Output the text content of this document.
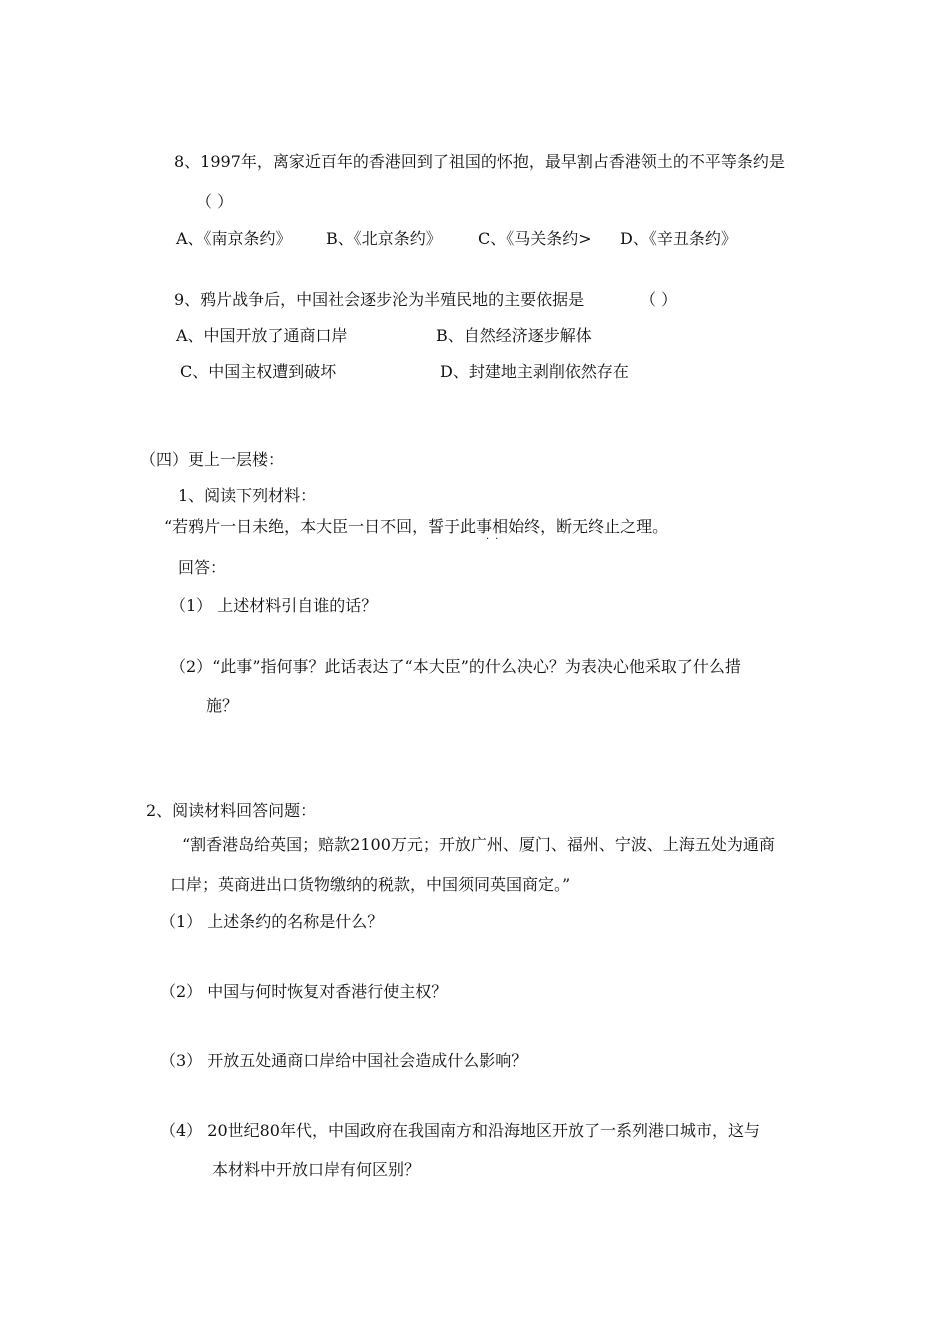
8、1997年，离家近百年的香港回到了祖国的怀抱，最早割占香港领土的不平等条约是
（ ）
A、《南京条约》 B、《北京条约》 C、《马关条约> D、《辛丑条约》
9、鸦片战争后，中国社会逐步沦为半殖民地的主要依据是	（ ）
A、中国开放了通商口岸	B、自然经济逐步解体
C、中国主权遭到破坏	D、封建地主剥削依然存在
（四）更上一层楼：
1、阅读下列材料：
“若鸦片一日未绝，本大臣一日不回，誓于此事相始终，断无终止之理。
··
回答：
（1） 上述材料引自谁的话？
（2）“此事”指何事？此话表达了“本大臣”的什么决心？为表决心他采取了什么措
施？
2、阅读材料回答问题：
“割香港岛给英国；赔款2100万元；开放广州、厦门、福州、宁波、上海五处为通商
口岸；英商进出口货物缴纳的税款，中国须同英国商定。”
（1） 上述条约的名称是什么？
（2） 中国与何时恢复对香港行使主权？
（3） 开放五处通商口岸给中国社会造成什么影响？
（4） 20世纪80年代，中国政府在我国南方和沿海地区开放了一系列港口城市，这与
本材料中开放口岸有何区别？
